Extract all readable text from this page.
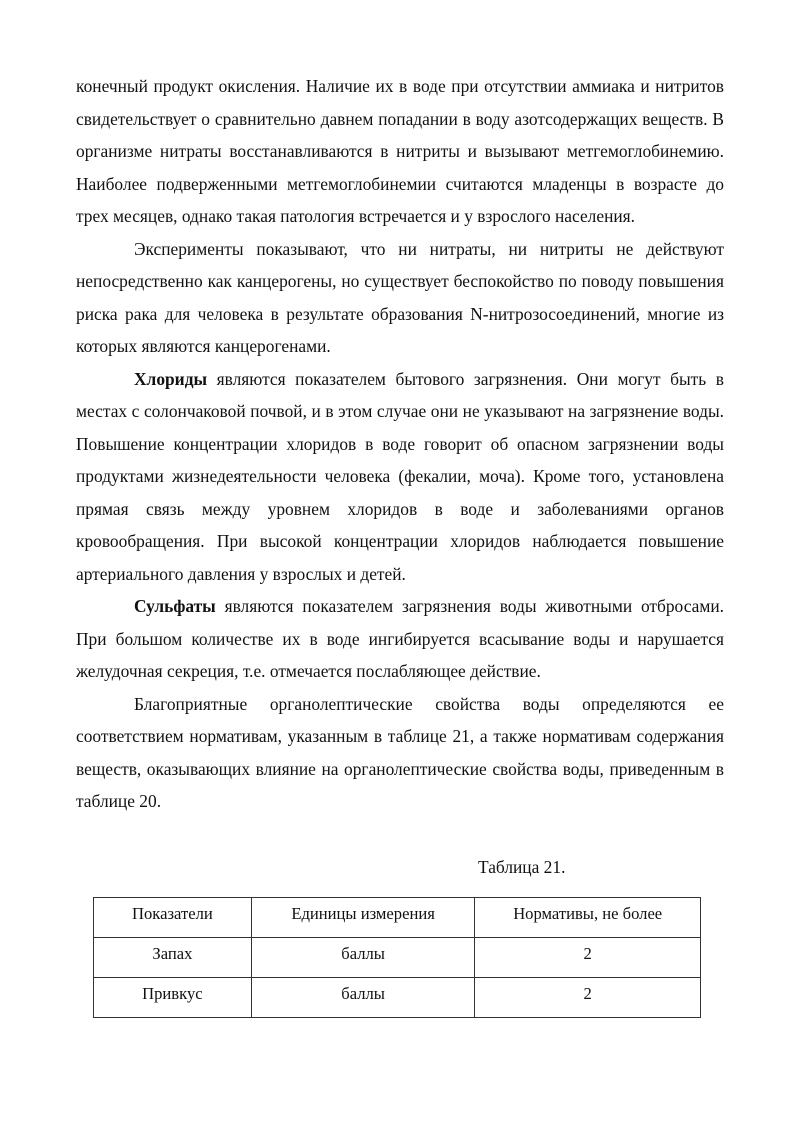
конечный продукт окисления. Наличие их в воде при отсутствии аммиака и нитритов свидетельствует о сравнительно давнем попадании в воду азотсодержащих веществ. В организме нитраты восстанавливаются в нитриты и вызывают метгемоглобинемию. Наиболее подверженными метгемоглобинемии считаются младенцы в возрасте до трех месяцев, однако такая патология встречается и у взрослого населения.

Эксперименты показывают, что ни нитраты, ни нитриты не действуют непосредственно как канцерогены, но существует беспокойство по поводу повышения риска рака для человека в результате образования N-нитрозосоединений, многие из которых являются канцерогенами.

Хлориды являются показателем бытового загрязнения. Они могут быть в местах с солончаковой почвой, и в этом случае они не указывают на загрязнение воды. Повышение концентрации хлоридов в воде говорит об опасном загрязнении воды продуктами жизнедеятельности человека (фекалии, моча). Кроме того, установлена прямая связь между уровнем хлоридов в воде и заболеваниями органов кровообращения. При высокой концентрации хлоридов наблюдается повышение артериального давления у взрослых и детей.

Сульфаты являются показателем загрязнения воды животными отбросами. При большом количестве их в воде ингибируется всасывание воды и нарушается желудочная секреция, т.е. отмечается послабляющее действие.

Благоприятные органолептические свойства воды определяются ее соответствием нормативам, указанным в таблице 21, а также нормативам содержания веществ, оказывающих влияние на органолептические свойства воды, приведенным в таблице 20.

Таблица 21.
Показатели	Единицы измерения	Нормативы, не более
Запах	баллы	2
Привкус	баллы	2
